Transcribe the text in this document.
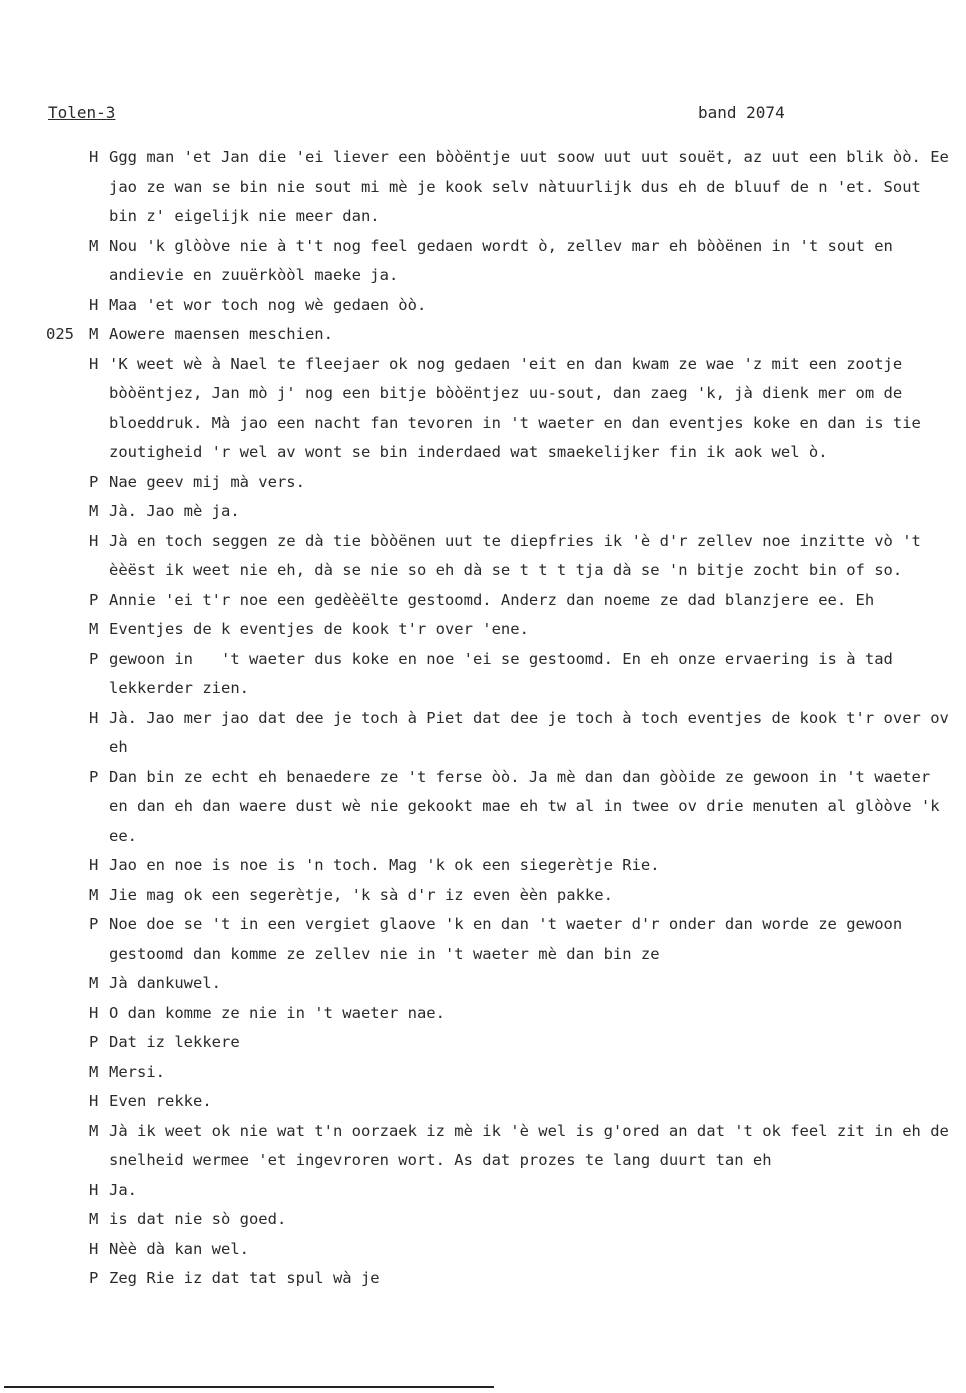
Tolen-3	band 2074
H Ggg man 'et Jan die 'ei liever een bòòëntje uut soow uut uut souët, az uut een blik òò. Ee jao ze wan se bin nie sout mi mè je kook selv nàtuurlijk dus eh de bluuf de n 'et. Sout bin z' eigelijk nie meer dan.
M Nou 'k glòòve nie à t't nog feel gedaen wordt ò, zellev mar eh bòòënen in 't sout en andievie en zuuërkòòl maeke ja.
H Maa 'et wor toch nog wè gedaen òò.
025 M Aowere maensen meschien.
H 'K weet wè à Nael te fleejaer ok nog gedaen 'eit en dan kwam ze wae 'z mit een zootje bòòëntjez, Jan mò j' nog een bitje bòòëntjez uu-sout, dan zaeg 'k, jà dienk mer om de bloeddruk. Mà jao een nacht fan tevoren in 't waeter en dan eventjes koke en dan is tie zoutigheid 'r wel av wont se bin inderdaed wat smaekelijker fin ik aok wel ò.
P Nae geev mij mà vers.
M Jà. Jao mè ja.
H Jà en toch seggen ze dà tie bòòënen uut te diepfries ik 'è d'r zellev noe inzitte vò 't èèëst ik weet nie eh, dà se nie so eh dà se t t t tja dà se 'n bitje zocht bin of so.
P Annie 'ei t'r noe een gedèèëlte gestoomd. Anderz dan noeme ze dad blanzjere ee. Eh
M Eventjes de k eventjes de kook t'r over 'ene.
P gewoon in   't waeter dus koke en noe 'ei se gestoomd. En eh onze ervaering is à tad lekkerder zien.
H Jà. Jao mer jao dat dee je toch à Piet dat dee je toch à toch eventjes de kook t'r over ov eh
P Dan bin ze echt eh benaedere ze 't ferse òò. Ja mè dan dan gòòide ze gewoon in 't waeter en dan eh dan waere dust wè nie gekookt mae eh tw al in twee ov drie menuten al glòòve 'k ee.
H Jao en noe is noe is 'n toch. Mag 'k ok een siegerètje Rie.
M Jie mag ok een segerètje, 'k sà d'r iz even èèn pakke.
P Noe doe se 't in een vergiet glaove 'k en dan 't waeter d'r onder dan worde ze gewoon gestoomd dan komme ze zellev nie in 't waeter mè dan bin ze
M Jà dankuwel.
H O dan komme ze nie in 't waeter nae.
P Dat iz lekkere
M Mersi.
H Even rekke.
M Jà ik weet ok nie wat t'n oorzaek iz mè ik 'è wel is g'ored an dat 't ok feel zit in eh de snelheid wermee 'et ingevroren wort. As dat prozes te lang duurt tan eh
H Ja.
M is dat nie sò goed.
H Nèè dà kan wel.
P Zeg Rie iz dat tat spul wà je
